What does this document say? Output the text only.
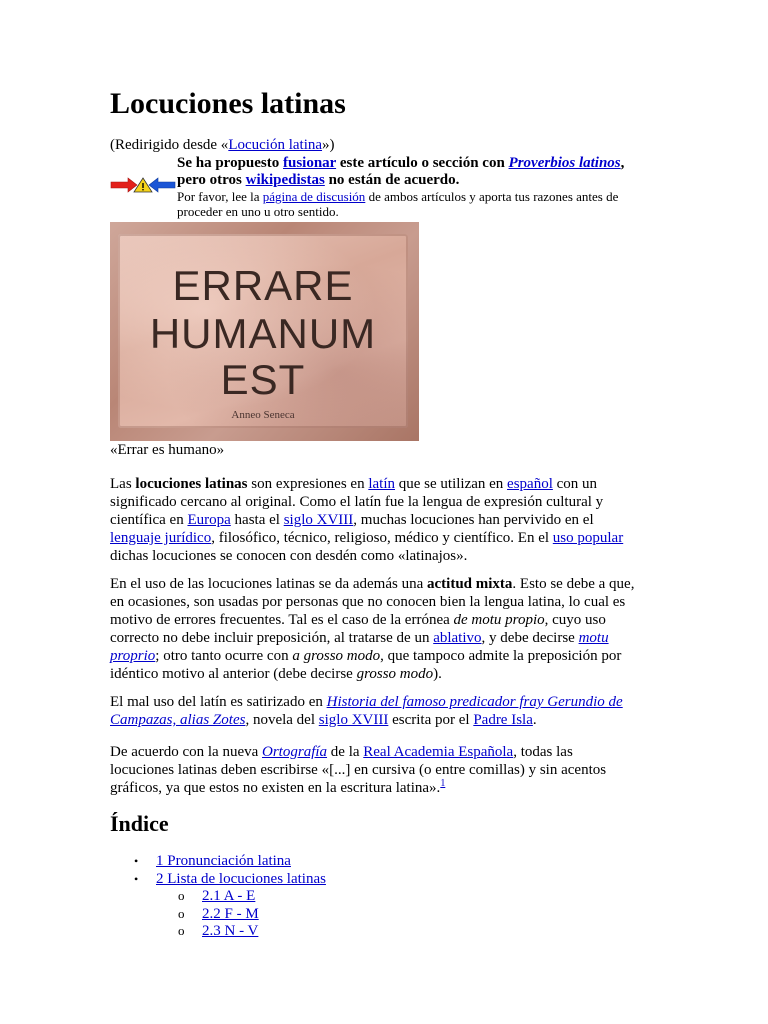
Locuciones latinas

(Redirigido desde «Locución latina»)

Se ha propuesto fusionar este artículo o sección con Proverbios latinos,
pero otros wikipedistas no están de acuerdo.

Por favor, lee la página de discusión de ambos artículos y aporta tus razones antes de proceder en uno u otro sentido.

ERRARE
HUMANUM
EST
Anneo Seneca

«Errar es humano»

Las locuciones latinas son expresiones en latín que se utilizan en español con un significado cercano al original. Como el latín fue la lengua de expresión cultural y científica en Europa hasta el siglo XVIII, muchas locuciones han pervivido en el lenguaje jurídico, filosófico, técnico, religioso, médico y científico. En el uso popular dichas locuciones se conocen con desdén como «latinajos».

En el uso de las locuciones latinas se da además una actitud mixta. Esto se debe a que, en ocasiones, son usadas por personas que no conocen bien la lengua latina, lo cual es motivo de errores frecuentes. Tal es el caso de la errónea de motu propio, cuyo uso correcto no debe incluir preposición, al tratarse de un ablativo, y debe decirse motu proprio; otro tanto ocurre con a grosso modo, que tampoco admite la preposición por idéntico motivo al anterior (debe decirse grosso modo).

El mal uso del latín es satirizado en Historia del famoso predicador fray Gerundio de Campazas, alias Zotes, novela del siglo XVIII escrita por el Padre Isla.

De acuerdo con la nueva Ortografía de la Real Academia Española, todas las locuciones latinas deben escribirse «[...] en cursiva (o entre comillas) y sin acentos gráficos, ya que estos no existen en la escritura latina».$^1$

Índice
• 1 Pronunciación latina
• 2 Lista de locuciones latinas
o 2.1 A - E
o 2.2 F - M
o 2.3 N - V
